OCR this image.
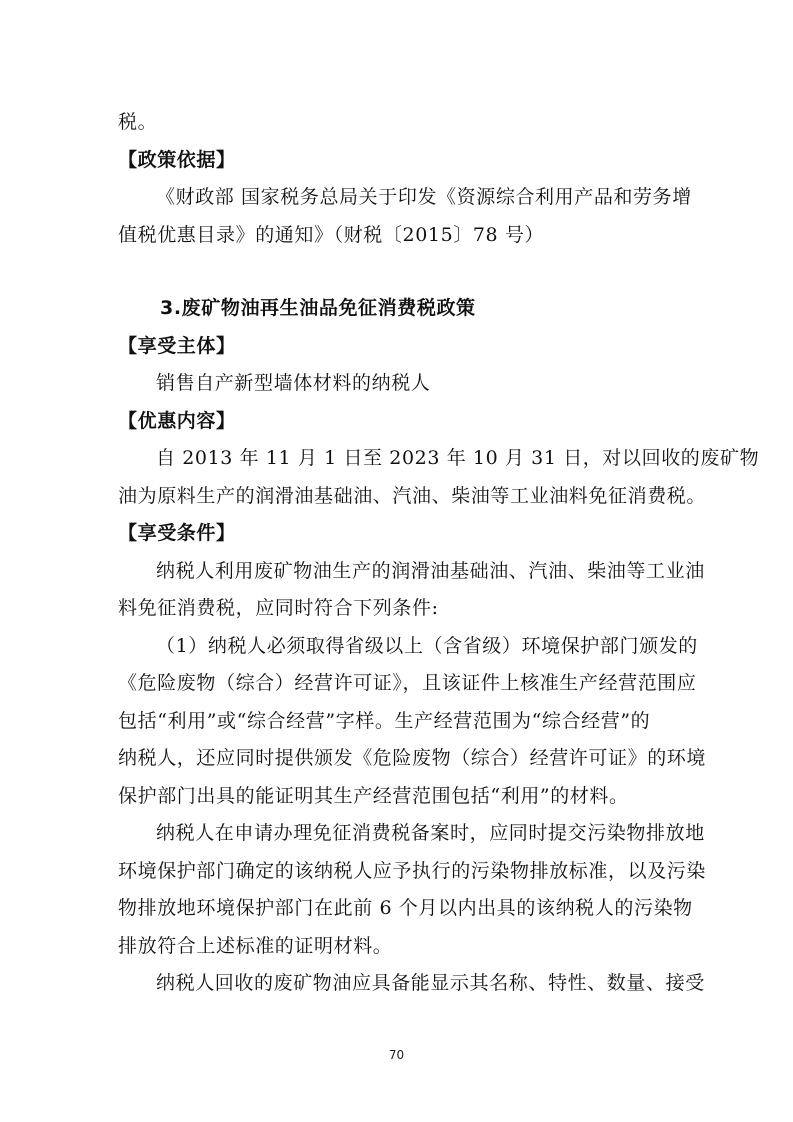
税。
【政策依据】
《财政部 国家税务总局关于印发《资源综合利用产品和劳务增
值税优惠目录》的通知》（财税〔2015〕78 号）
3.废矿物油再生油品免征消费税政策
【享受主体】
销售自产新型墙体材料的纳税人
【优惠内容】
自 2013 年 11 月 1 日至 2023 年 10 月 31 日，对以回收的废矿物
油为原料生产的润滑油基础油、汽油、柴油等工业油料免征消费税。
【享受条件】
纳税人利用废矿物油生产的润滑油基础油、汽油、柴油等工业油
料免征消费税，应同时符合下列条件:
（1）纳税人必须取得省级以上（含省级）环境保护部门颁发的
《危险废物（综合）经营许可证》，且该证件上核准生产经营范围应
包括“利用”或“综合经营”字样。生产经营范围为“综合经营”的
纳税人，还应同时提供颁发《危险废物（综合）经营许可证》的环境
保护部门出具的能证明其生产经营范围包括“利用”的材料。
纳税人在申请办理免征消费税备案时，应同时提交污染物排放地
环境保护部门确定的该纳税人应予执行的污染物排放标准，以及污染
物排放地环境保护部门在此前 6 个月以内出具的该纳税人的污染物
排放符合上述标准的证明材料。
纳税人回收的废矿物油应具备能显示其名称、特性、数量、接受
70
